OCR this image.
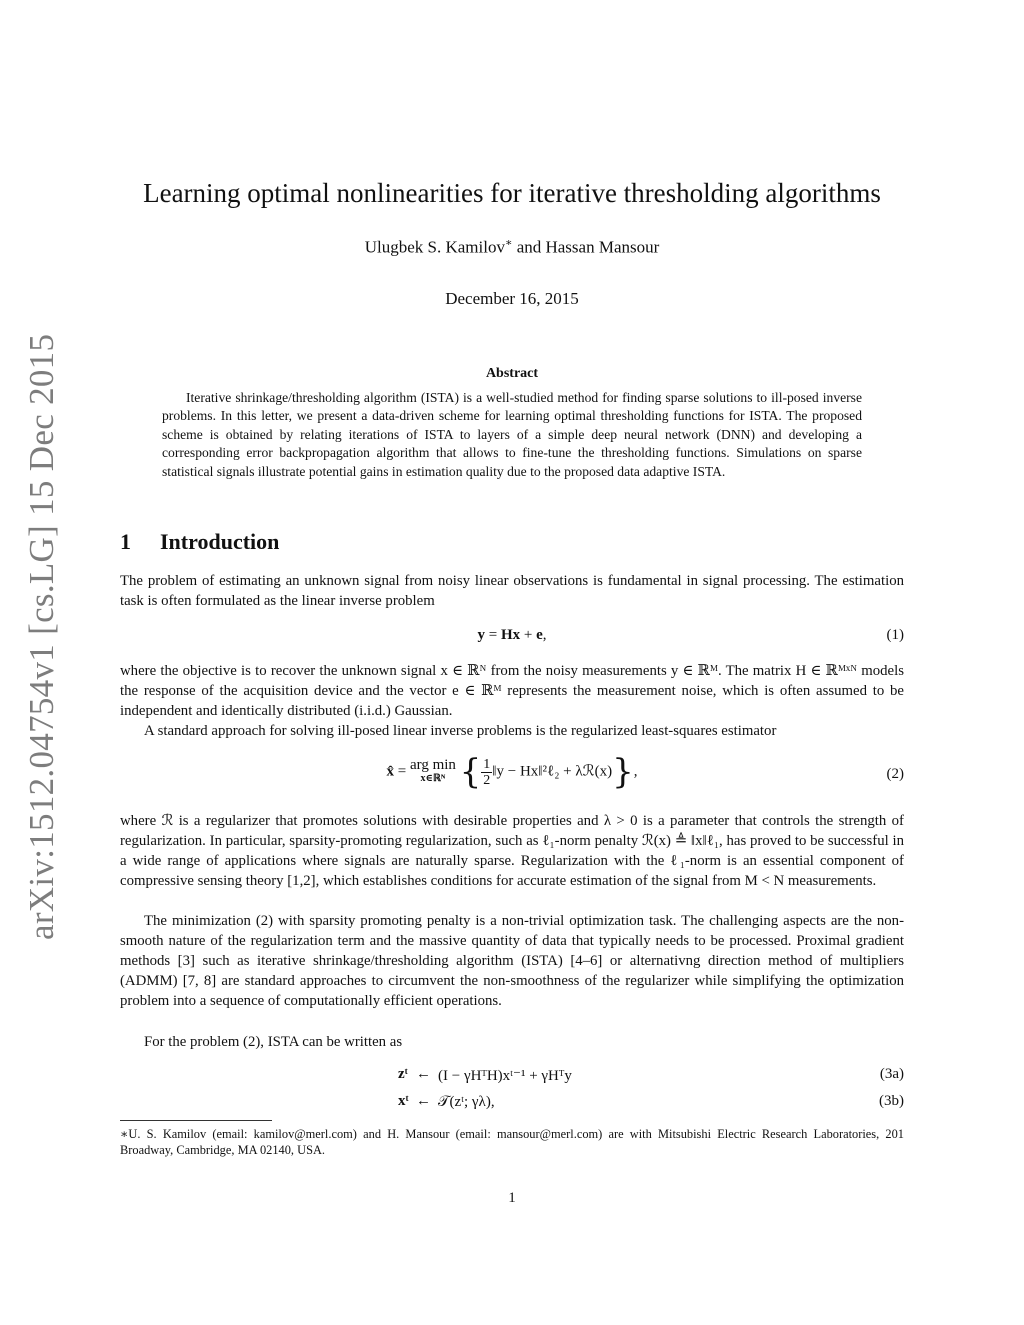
arXiv:1512.04754v1 [cs.LG] 15 Dec 2015
Learning optimal nonlinearities for iterative thresholding algorithms
Ulugbek S. Kamilov∗ and Hassan Mansour
December 16, 2015
Abstract
Iterative shrinkage/thresholding algorithm (ISTA) is a well-studied method for finding sparse solutions to ill-posed inverse problems. In this letter, we present a data-driven scheme for learning optimal thresholding functions for ISTA. The proposed scheme is obtained by relating iterations of ISTA to layers of a simple deep neural network (DNN) and developing a corresponding error backpropagation algorithm that allows to fine-tune the thresholding functions. Simulations on sparse statistical signals illustrate potential gains in estimation quality due to the proposed data adaptive ISTA.
1 Introduction
The problem of estimating an unknown signal from noisy linear observations is fundamental in signal processing. The estimation task is often formulated as the linear inverse problem
y = Hx + e,	(1)
where the objective is to recover the unknown signal x ∈ ℝᴺ from the noisy measurements y ∈ ℝᴹ. The matrix H ∈ ℝᴹˣᴺ models the response of the acquisition device and the vector e ∈ ℝᴹ represents the measurement noise, which is often assumed to be independent and identically distributed (i.i.d.) Gaussian.
A standard approach for solving ill-posed linear inverse problems is the regularized least-squares estimator
x̂ = arg min
x∈ℝᴺ { $\frac{1}{2}$ ‖y − Hx‖²ℓ₂ + λℛ(x)},	(2)
where ℛ is a regularizer that promotes solutions with desirable properties and λ > 0 is a parameter that controls the strength of regularization. In particular, sparsity-promoting regularization, such as ℓ₁-norm penalty ℛ(x) ≜ ‖x‖ℓ₁, has proved to be successful in a wide range of applications where signals are naturally sparse. Regularization with the ℓ₁-norm is an essential component of compressive sensing theory [1,2], which establishes conditions for accurate estimation of the signal from M < N measurements.
The minimization (2) with sparsity promoting penalty is a non-trivial optimization task. The challenging aspects are the non-smooth nature of the regularization term and the massive quantity of data that typically needs to be processed. Proximal gradient methods [3] such as iterative shrinkage/thresholding algorithm (ISTA) [4–6] or alternativng direction method of multipliers (ADMM) [7, 8] are standard approaches to circumvent the non-smoothness of the regularizer while simplifying the optimization problem into a sequence of computationally efficient operations.
For the problem (2), ISTA can be written as
zᵗ ← (I − γHᵀH)xᵗ⁻¹ + γHᵀy	(3a)
xᵗ ← 𝒯(zᵗ; γλ),	(3b)
∗U. S. Kamilov (email: kamilov@merl.com) and H. Mansour (email: mansour@merl.com) are with Mitsubishi Electric Research Laboratories, 201 Broadway, Cambridge, MA 02140, USA.
1
